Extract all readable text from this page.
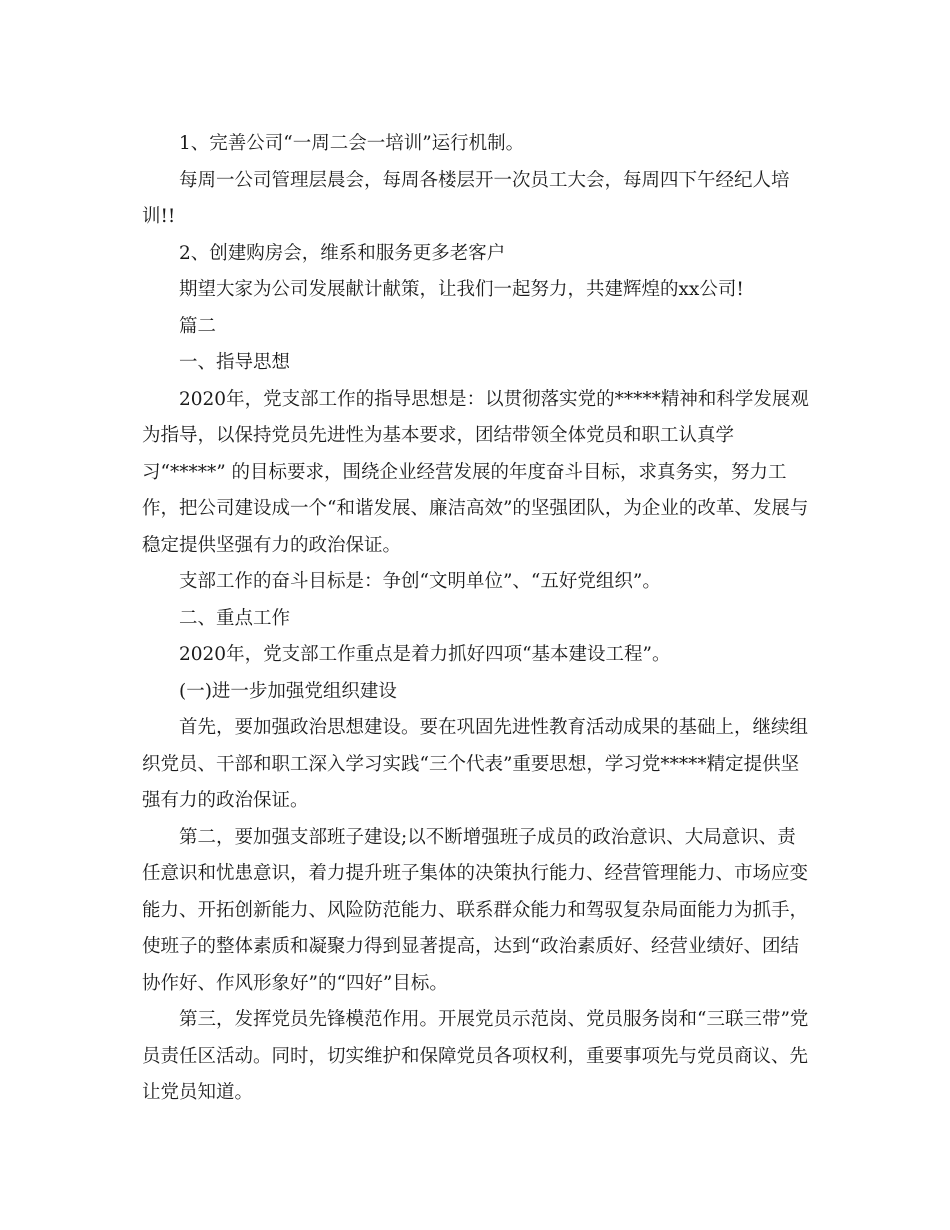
1、完善公司“一周二会一培训”运行机制。
每周一公司管理层晨会，每周各楼层开一次员工大会，每周四下午经纪人培
训!!
2、创建购房会，维系和服务更多老客户
期望大家为公司发展献计献策，让我们一起努力，共建辉煌的xx公司!
篇二
一、指导思想
2020年，党支部工作的指导思想是：以贯彻落实党的*****精神和科学发展观
为指导，以保持党员先进性为基本要求，团结带领全体党员和职工认真学
习“*****” 的目标要求，围绕企业经营发展的年度奋斗目标，求真务实，努力工
作，把公司建设成一个“和谐发展、廉洁高效”的坚强团队，为企业的改革、发展与
稳定提供坚强有力的政治保证。
支部工作的奋斗目标是：争创“文明单位”、“五好党组织”。
二、重点工作
2020年，党支部工作重点是着力抓好四项“基本建设工程”。
(一)进一步加强党组织建设
首先，要加强政治思想建设。要在巩固先进性教育活动成果的基础上，继续组
织党员、干部和职工深入学习实践“三个代表”重要思想，学习党*****精定提供坚
强有力的政治保证。
第二，要加强支部班子建设;以不断增强班子成员的政治意识、大局意识、责
任意识和忧患意识，着力提升班子集体的决策执行能力、经营管理能力、市场应变
能力、开拓创新能力、风险防范能力、联系群众能力和驾驭复杂局面能力为抓手，
使班子的整体素质和凝聚力得到显著提高，达到“政治素质好、经营业绩好、团结
协作好、作风形象好”的“四好”目标。
第三，发挥党员先锋模范作用。开展党员示范岗、党员服务岗和“三联三带”党
员责任区活动。同时，切实维护和保障党员各项权利，重要事项先与党员商议、先
让党员知道。
